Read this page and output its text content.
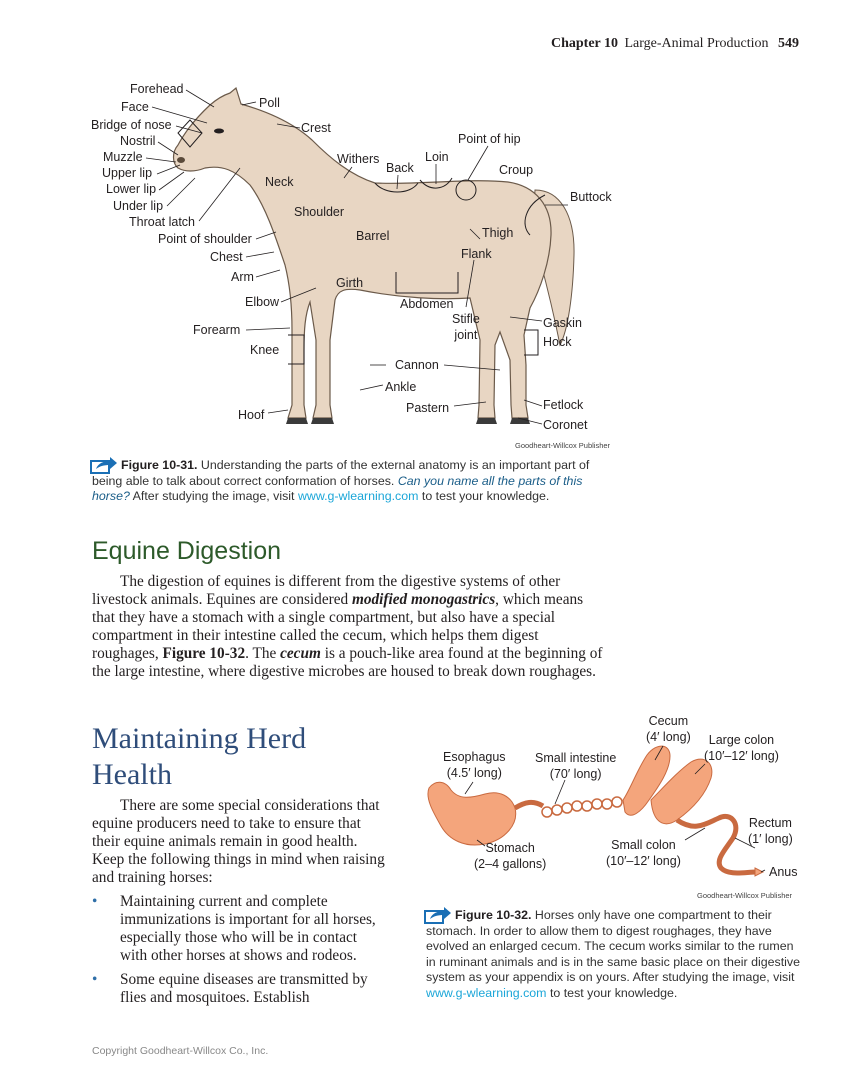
Chapter 10 Large-Animal Production 549
Forehead
Face
Bridge of nose
Nostril
Muzzle
Upper lip
Lower lip
Under lip
Throat latch
Point of shoulder
Chest
Arm
Elbow
Forearm
Knee
Hoof
Poll
Crest
Neck
Withers
Back
Loin
Point of hip
Croup
Buttock
Shoulder
Barrel
Girth
Thigh
Flank
Abdomen
Stifle
joint
Gaskin
Hock
Cannon
Ankle
Pastern	Fetlock
Coronet
Goodheart-Willcox Publisher
Figure 10-31. Understanding the parts of the external anatomy is an important part of being able to talk about correct conformation of horses. Can you name all the parts of this horse? After studying the image, visit www.g-wlearning.com to test your knowledge.
Equine Digestion
The digestion of equines is different from the digestive systems of other livestock animals. Equines are considered modified monogastrics, which means that they have a stomach with a single compartment, but also have a special compartment in their intestine called the cecum, which helps them digest roughages, Figure 10-32. The cecum is a pouch-like area found at the beginning of the large intestine, where digestive microbes are housed to break down roughages.
Maintaining Herd
Health
There are some special considerations that equine producers need to take to ensure that their equine animals remain in good health. Keep the following things in mind when raising and training horses:
• Maintaining current and complete immunizations is important for all horses, especially those who will be in contact with other horses at shows and rodeos.
• Some equine diseases are transmitted by flies and mosquitoes. Establish
Esophagus
(4.5′ long)
Small intestine
(70′ long)
Cecum
(4′ long)	Large colon
(10′–12′ long)
Rectum
(1′ long)
Anus
Stomach
(2–4 gallons)
Small colon
(10′–12′ long)
Goodheart-Willcox Publisher
Figure 10-32. Horses only have one compartment to their stomach. In order to allow them to digest roughages, they have evolved an enlarged cecum. The cecum works similar to the rumen in ruminant animals and is in the same basic place on their digestive system as your appendix is on yours. After studying the image, visit www.g-wlearning.com to test your knowledge.
Copyright Goodheart-Willcox Co., Inc.
